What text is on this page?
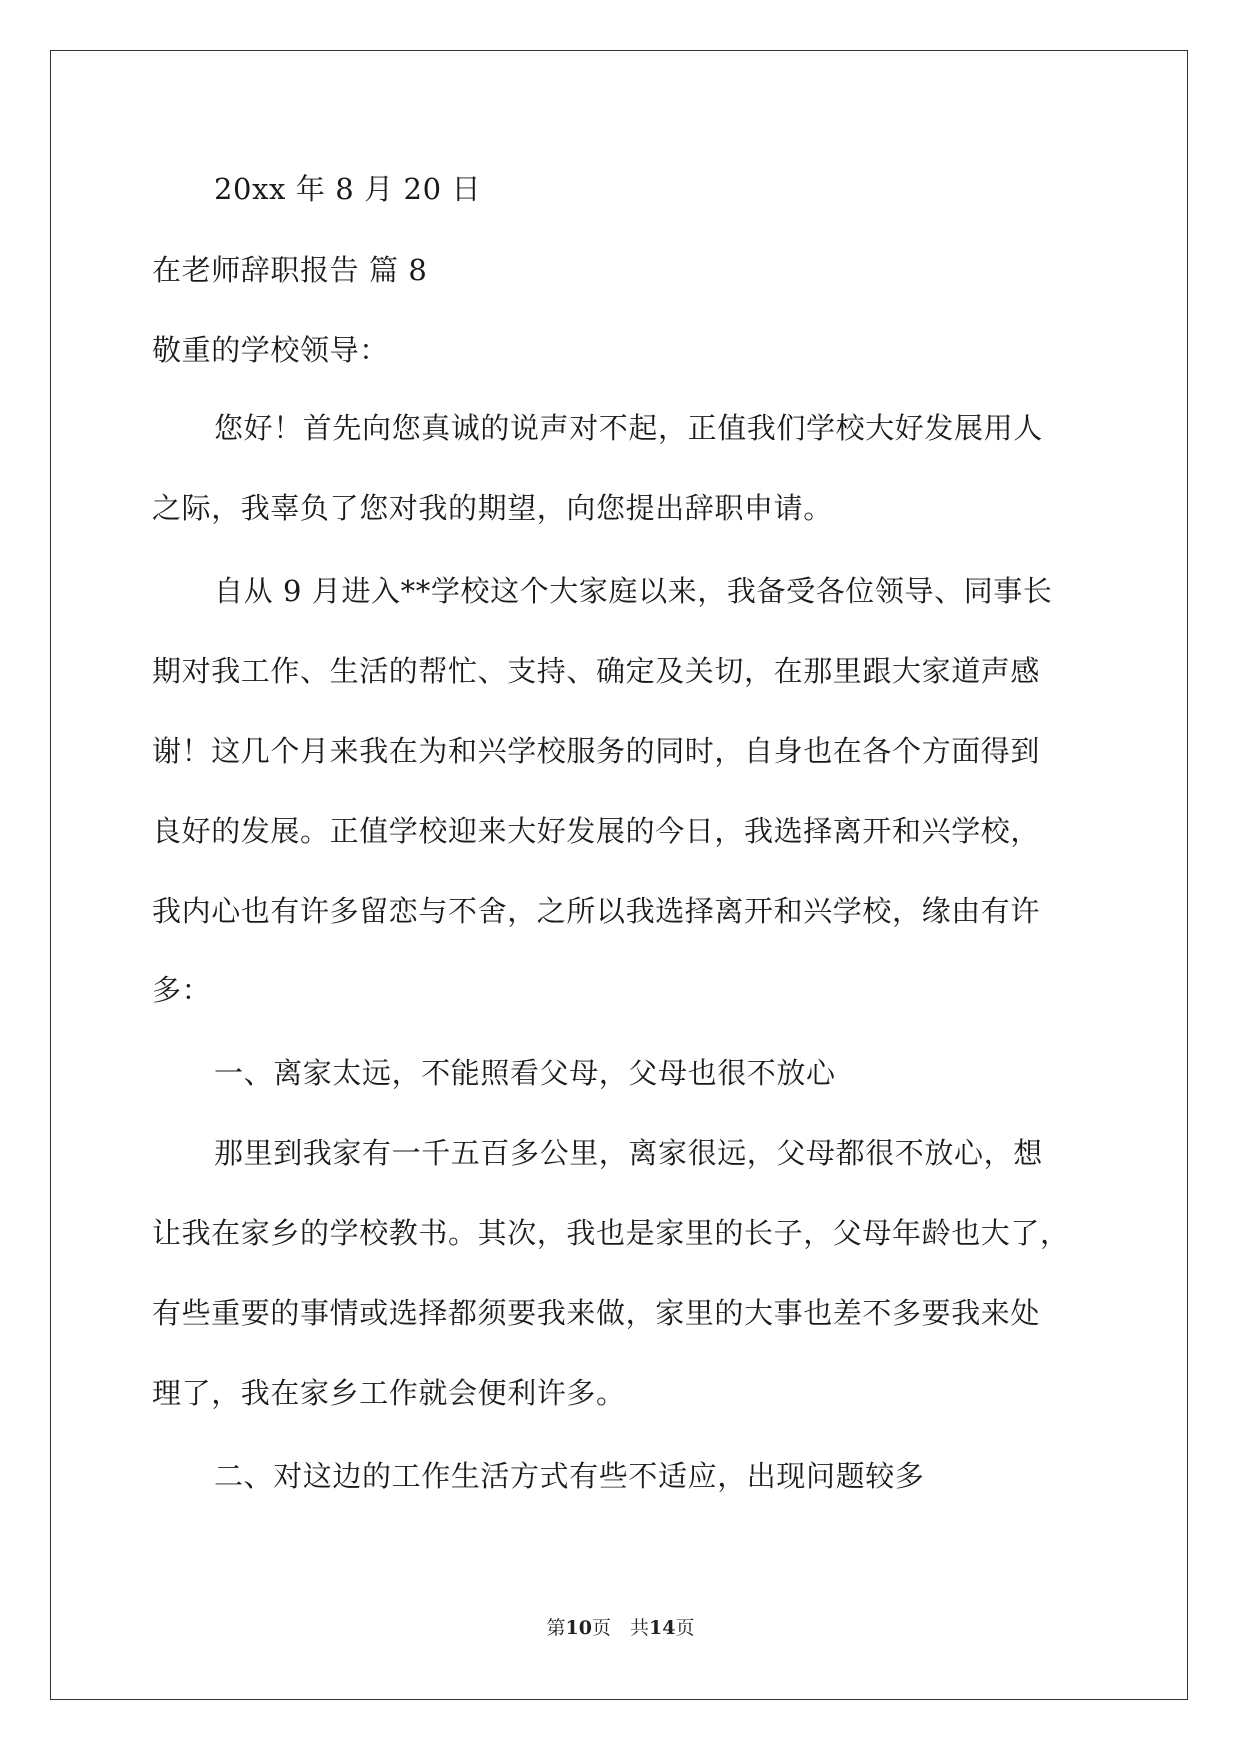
20xx 年 8 月 20 日
在老师辞职报告 篇 8
敬重的学校领导：
您好！首先向您真诚的说声对不起，正值我们学校大好发展用人
之际，我辜负了您对我的期望，向您提出辞职申请。
自从 9 月进入**学校这个大家庭以来，我备受各位领导、同事长
期对我工作、生活的帮忙、支持、确定及关切，在那里跟大家道声感
谢！这几个月来我在为和兴学校服务的同时，自身也在各个方面得到
良好的发展。正值学校迎来大好发展的今日，我选择离开和兴学校，
我内心也有许多留恋与不舍，之所以我选择离开和兴学校，缘由有许
多：
一、离家太远，不能照看父母，父母也很不放心
那里到我家有一千五百多公里，离家很远，父母都很不放心，想
让我在家乡的学校教书。其次，我也是家里的长子，父母年龄也大了，
有些重要的事情或选择都须要我来做，家里的大事也差不多要我来处
理了，我在家乡工作就会便利许多。
二、对这边的工作生活方式有些不适应，出现问题较多
第10页　共14页
